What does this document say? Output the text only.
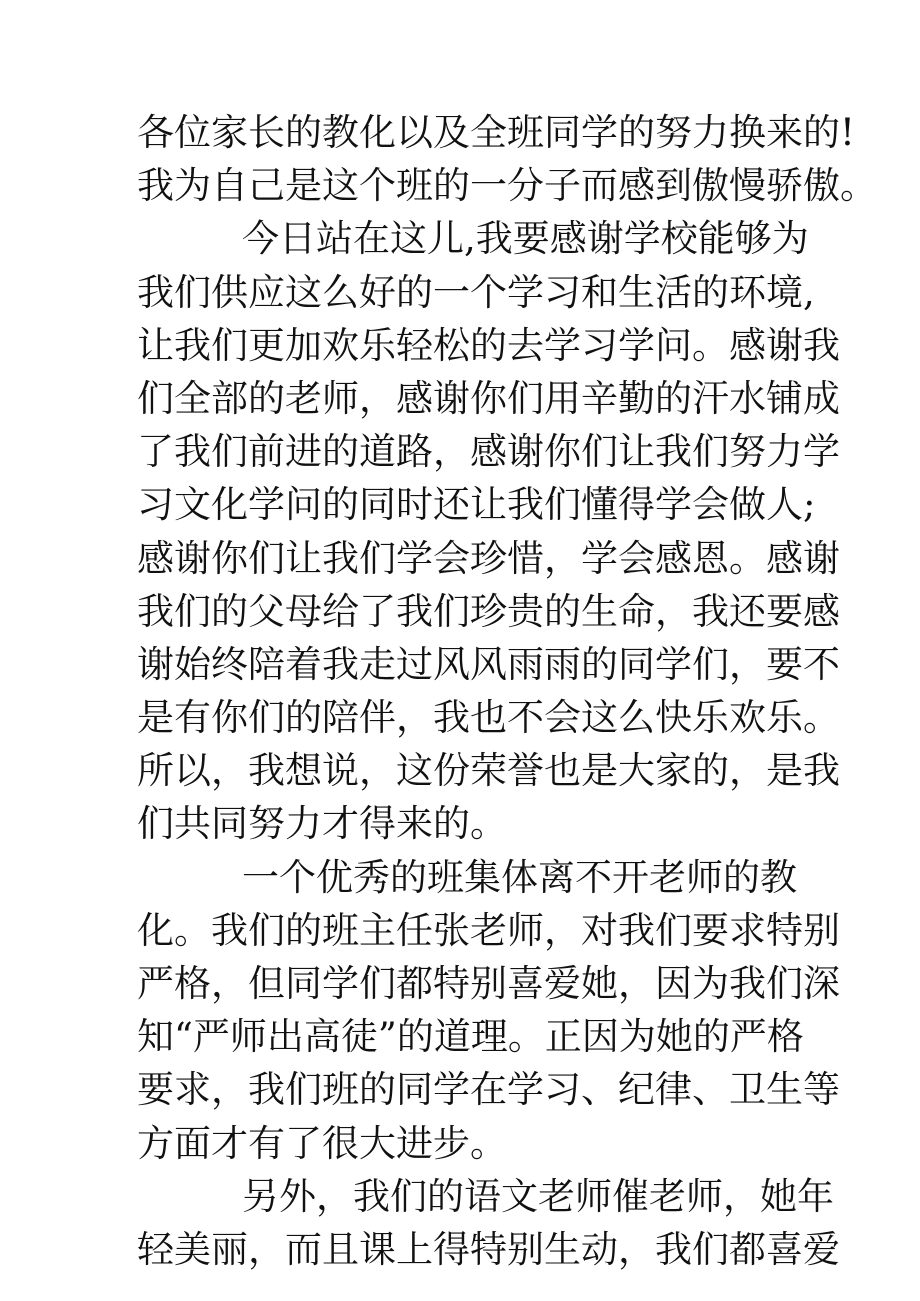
各位家长的教化以及全班同学的努力换来的!
我为自己是这个班的一分子而感到傲慢骄傲。
今日站在这儿,我要感谢学校能够为
我们供应这么好的一个学习和生活的环境,
让我们更加欢乐轻松的去学习学问。感谢我
们全部的老师，感谢你们用辛勤的汗水铺成
了我们前进的道路，感谢你们让我们努力学
习文化学问的同时还让我们懂得学会做人;
感谢你们让我们学会珍惜，学会感恩。感谢
我们的父母给了我们珍贵的生命，我还要感
谢始终陪着我走过风风雨雨的同学们，要不
是有你们的陪伴，我也不会这么快乐欢乐。
所以，我想说，这份荣誉也是大家的，是我
们共同努力才得来的。
一个优秀的班集体离不开老师的教
化。我们的班主任张老师，对我们要求特别
严格，但同学们都特别喜爱她，因为我们深
知“严师出高徒”的道理。正因为她的严格
要求，我们班的同学在学习、纪律、卫生等
方面才有了很大进步。
另外，我们的语文老师催老师，她年
轻美丽，而且课上得特别生动，我们都喜爱
